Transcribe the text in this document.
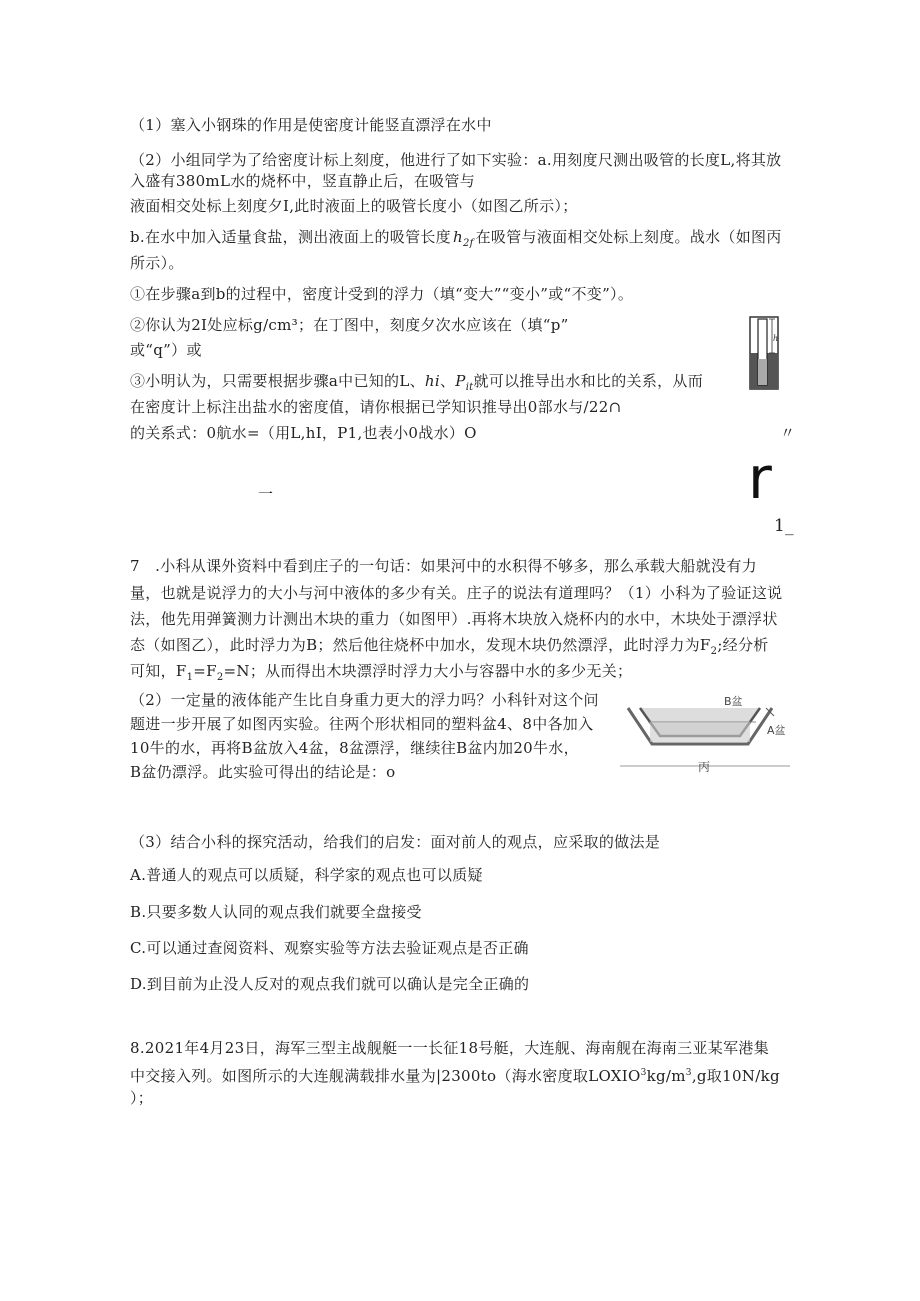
（1）塞入小钢珠的作用是使密度计能竖直漂浮在水中
（2）小组同学为了给密度计标上刻度，他进行了如下实验：a.用刻度尺测出吸管的长度L,将其放
入盛有380mL水的烧杯中，竖直静止后，在吸管与
液面相交处标上刻度夕I,此时液面上的吸管长度小（如图乙所示）；
b.在水中加入适量食盐，测出液面上的吸管长度 $h_{2f}$ 在吸管与液面相交处标上刻度。战水（如图丙
所示）。
①在步骤a到b的过程中，密度计受到的浮力（填“变大”“变小”或“不变”）。
②你认为2I处应标g/cm³；在丁图中，刻度夕次水应该在（填“p”
或“q”）或
③小明认为，只需要根据步骤a中已知的L、hi、$P_{it}$就可以推导出水和比的关系，从而
在密度计上标注出盐水的密度值，请你根据已学知识推导出0部水与/22∩
的关系式：0航水=（用L,hI，P1,也表小0战水）O	〃
一	r
1_
h
7　.小科从课外资料中看到庄子的一句话：如果河中的水积得不够多，那么承载大船就没有力
量，也就是说浮力的大小与河中液体的多少有关。庄子的说法有道理吗？（1）小科为了验证这说
法，他先用弹簧测力计测出木块的重力（如图甲）.再将木块放入烧杯内的水中，木块处于漂浮状
态（如图乙），此时浮力为B；然后他往烧杯中加水，发现木块仍然漂浮，此时浮力为$F_2$;经分析
可知，$F_1=F_2=N$；从而得出木块漂浮时浮力大小与容器中水的多少无关；
（2）一定量的液体能产生比自身重力更大的浮力吗？小科针对这个问
题进一步开展了如图丙实验。往两个形状相同的塑料盆4、8中各加入
10牛的水，再将B盆放入4盆，8盆漂浮，继续往B盆内加20牛水，
B盆仍漂浮。此实验可得出的结论是：o
B盆
A盆
丙
（3）结合小科的探究活动，给我们的启发：面对前人的观点，应采取的做法是
A.普通人的观点可以质疑，科学家的观点也可以质疑
B.只要多数人认同的观点我们就要全盘接受
C.可以通过查阅资料、观察实验等方法去验证观点是否正确
D.到目前为止没人反对的观点我们就可以确认是完全正确的
8.2021年4月23日，海军三型主战舰艇一一长征18号艇，大连舰、海南舰在海南三亚某军港集
中交接入列。如图所示的大连舰满载排水量为|2300to（海水密度取$LOXIO^3kg/m^3,g$取10N/kg
）；
